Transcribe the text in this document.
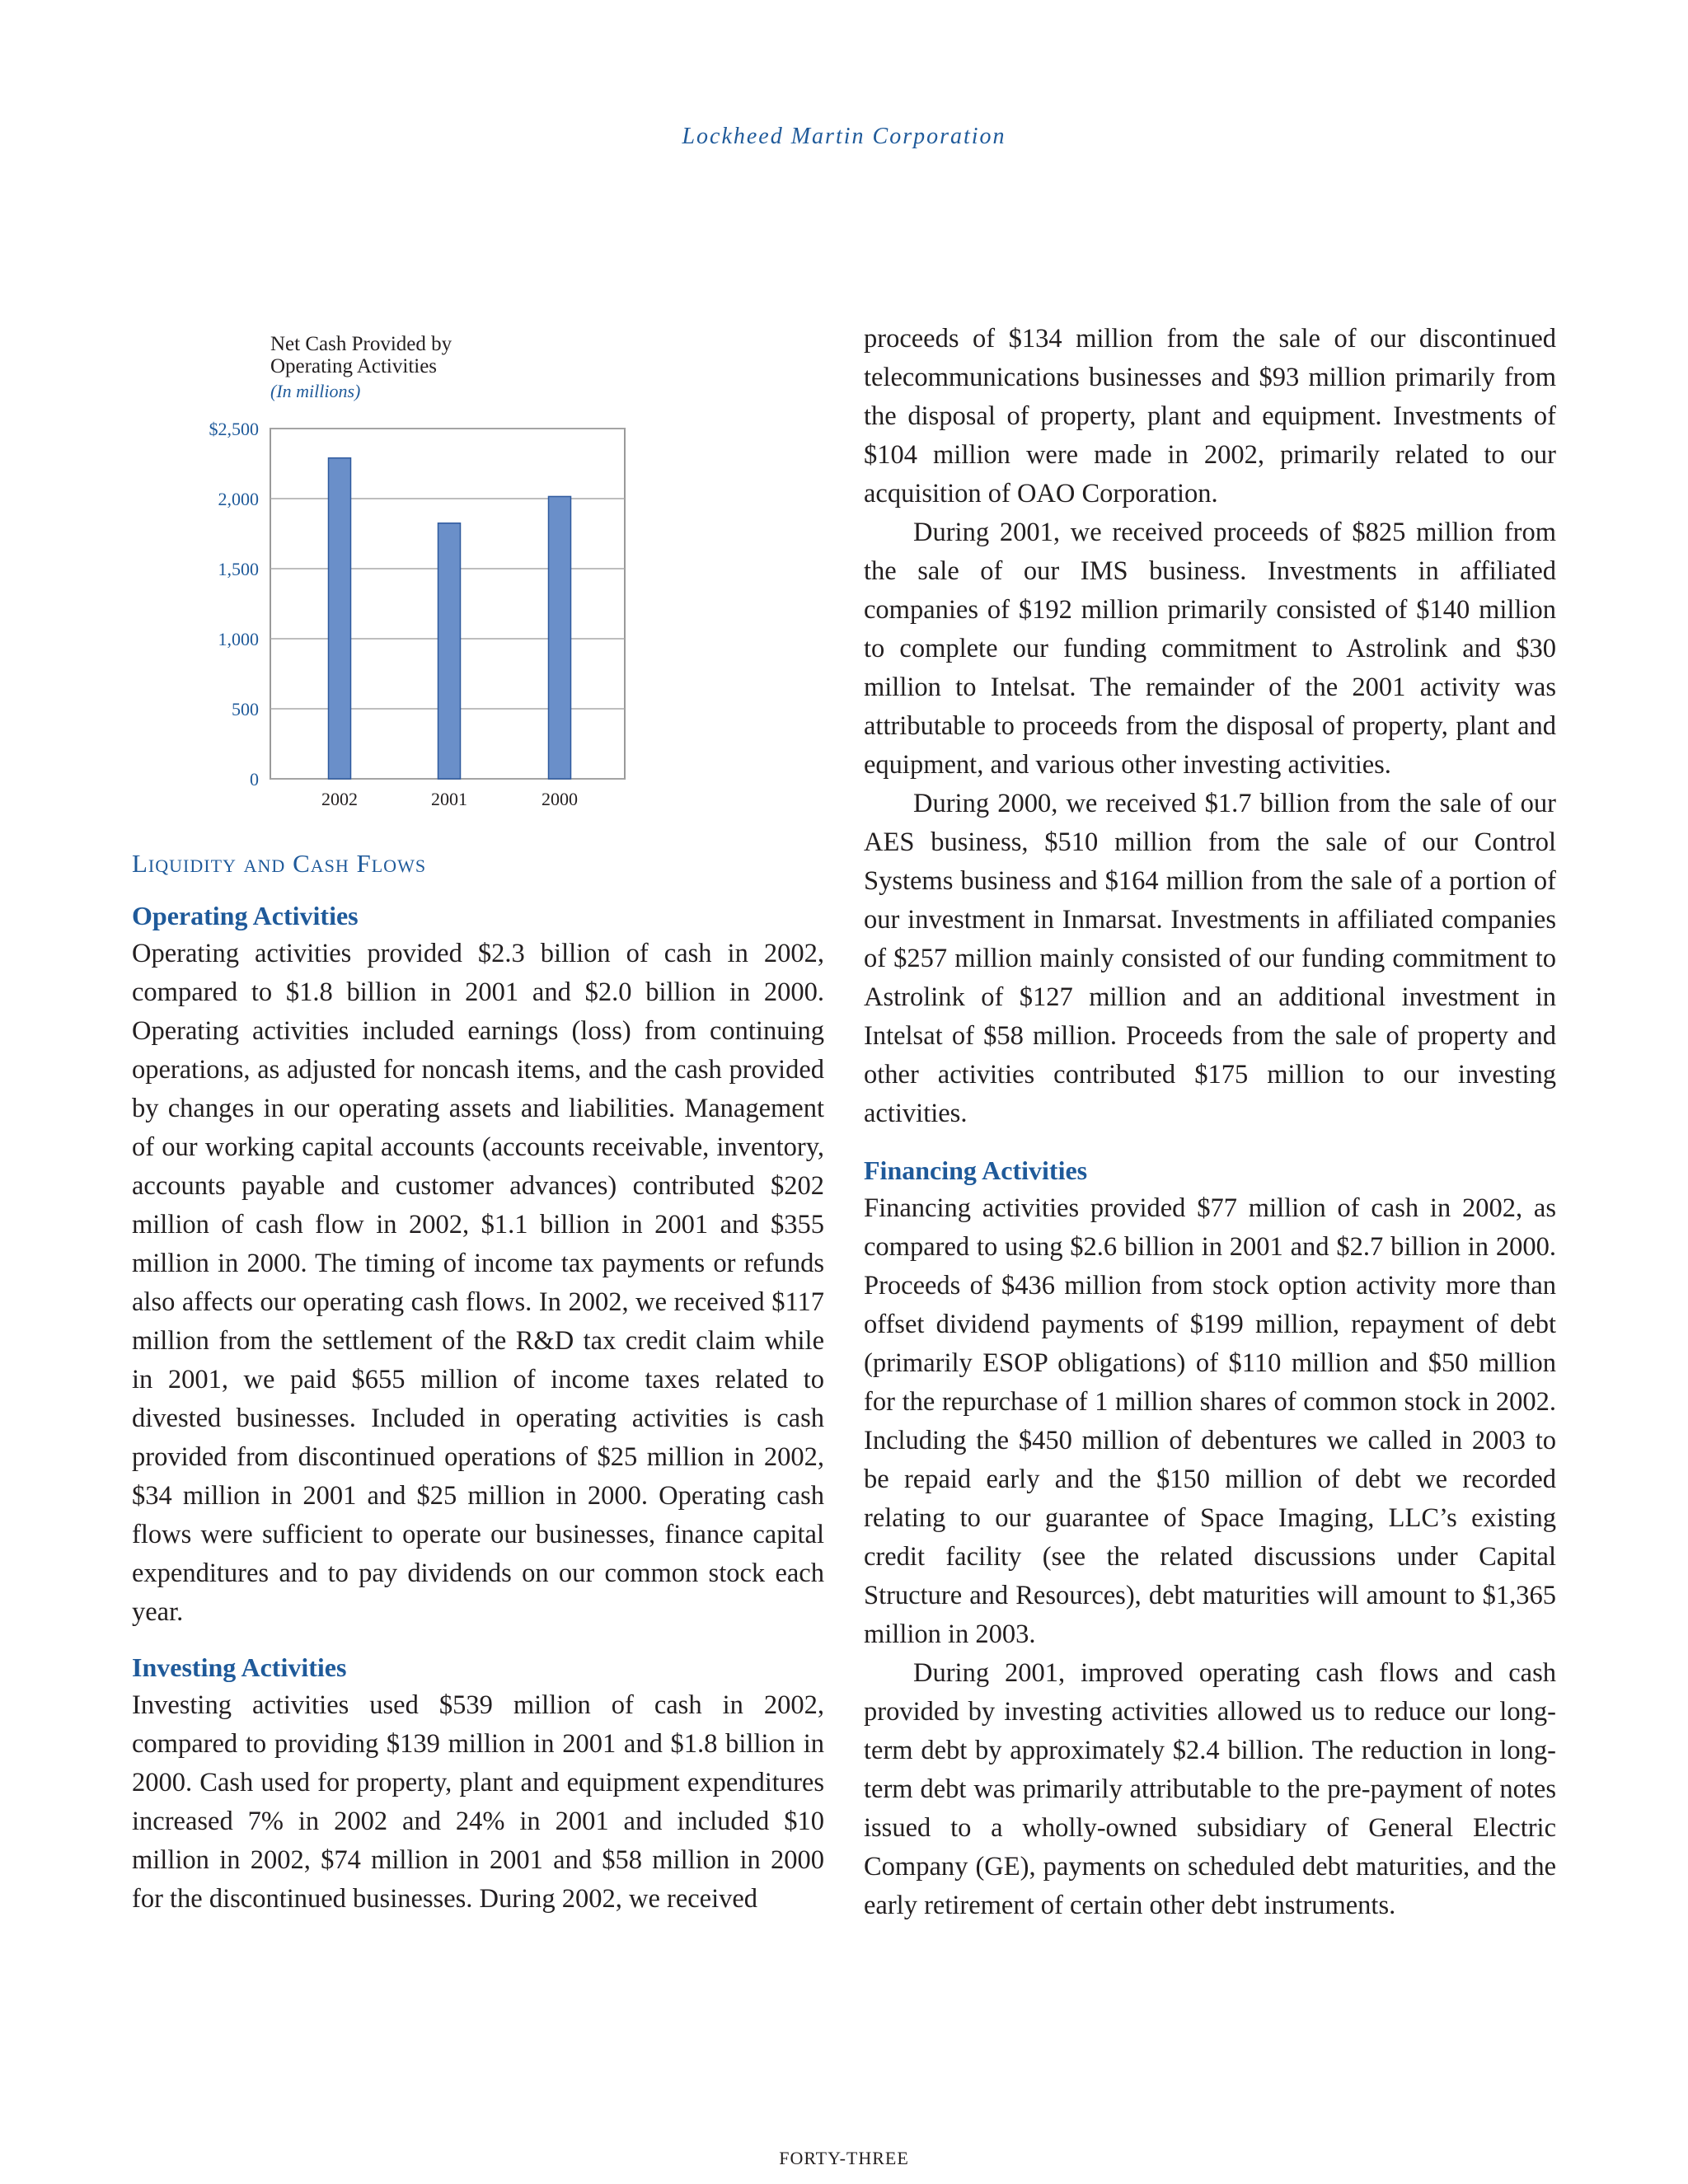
Lockheed Martin Corporation
Net Cash Provided by
Operating Activities
(In millions)
0
500
1,000
1,500
2,000
$2,500
2002	2001	2000
Liquidity and Cash Flows
Operating Activities

Operating activities provided $2.3 billion of cash in 2002, compared to $1.8 billion in 2001 and $2.0 billion in 2000. Operating activities included earnings (loss) from continuing operations, as adjusted for noncash items, and the cash provided by changes in our operating assets and liabilities. Management of our working capital accounts (accounts receivable, inventory, accounts payable and customer advances) contributed $202 million of cash flow in 2002, $1.1 billion in 2001 and $355 million in 2000. The timing of income tax payments or refunds also affects our operating cash flows. In 2002, we received $117 million from the settlement of the R&D tax credit claim while in 2001, we paid $655 million of income taxes related to divested businesses. Included in operating activities is cash provided from discontinued operations of $25 million in 2002, $34 million in 2001 and $25 million in 2000. Operating cash flows were sufficient to operate our businesses, finance capital expenditures and to pay dividends on our common stock each year.

Investing Activities

Investing activities used $539 million of cash in 2002, compared to providing $139 million in 2001 and $1.8 billion in 2000. Cash used for property, plant and equipment expenditures increased 7% in 2002 and 24% in 2001 and included $10 million in 2002, $74 million in 2001 and $58 million in 2000 for the discontinued businesses. During 2002, we received

proceeds of $134 million from the sale of our discontinued telecommunications businesses and $93 million primarily from the disposal of property, plant and equipment. Investments of $104 million were made in 2002, primarily related to our acquisition of OAO Corporation.

During 2001, we received proceeds of $825 million from the sale of our IMS business. Investments in affiliated companies of $192 million primarily consisted of $140 million to complete our funding commitment to Astrolink and $30 million to Intelsat. The remainder of the 2001 activity was attributable to proceeds from the disposal of property, plant and equipment, and various other investing activities.

During 2000, we received $1.7 billion from the sale of our AES business, $510 million from the sale of our Control Systems business and $164 million from the sale of a portion of our investment in Inmarsat. Investments in affiliated companies of $257 million mainly consisted of our funding commitment to Astrolink of $127 million and an additional investment in Intelsat of $58 million. Proceeds from the sale of property and other activities contributed $175 million to our investing activities.

Financing Activities

Financing activities provided $77 million of cash in 2002, as compared to using $2.6 billion in 2001 and $2.7 billion in 2000. Proceeds of $436 million from stock option activity more than offset dividend payments of $199 million, repayment of debt (primarily ESOP obligations) of $110 million and $50 million for the repurchase of 1 million shares of common stock in 2002. Including the $450 million of debentures we called in 2003 to be repaid early and the $150 million of debt we recorded relating to our guarantee of Space Imaging, LLC’s existing credit facility (see the related discussions under Capital Structure and Resources), debt maturities will amount to $1,365 million in 2003.

During 2001, improved operating cash flows and cash provided by investing activities allowed us to reduce our long-term debt by approximately $2.4 billion. The reduction in long-term debt was primarily attributable to the pre-payment of notes issued to a wholly-owned subsidiary of General Electric Company (GE), payments on scheduled debt maturities, and the early retirement of certain other debt instruments.

FORTY-THREE
